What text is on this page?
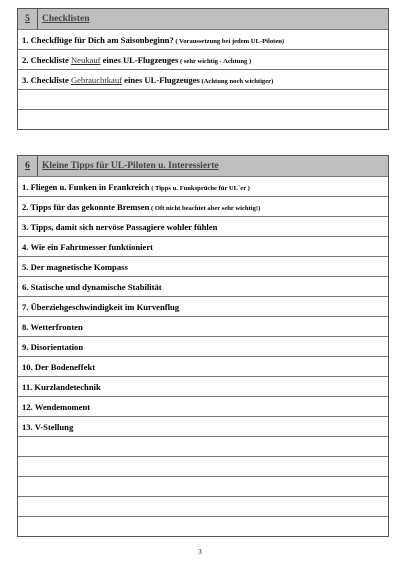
5	Checklisten
1. Checkflüge für Dich am Saisonbeginn? ( Voraussetzung bei jedem UL-Piloten)
2. Checkliste Neukauf eines UL-Flugzeuges ( sehr wichtig - Achtung )
3. Checkliste Gebrauchtkauf eines UL-Flugzeuges (Achtung noch wichtiger)
6	Kleine Tipps für UL-Piloten u. Interessierte
1. Fliegen u. Funken in Frankreich ( Tipps u. Funksprüche für UL`er )
2. Tipps für das gekonnte Bremsen ( Oft nicht beachtet aber sehr wichtig!)
3. Tipps, damit sich nervöse Passagiere wohler fühlen
4. Wie ein Fahrtmesser funktioniert
5. Der magnetische Kompass
6. Statische und dynamische Stabilität
7. Überziehgeschwindigkeit im Kurvenflug
8. Wetterfronten
9. Disorientation
10. Der Bodeneffekt
11. Kurzlandetechnik
12. Wendemoment
13. V-Stellung
3
